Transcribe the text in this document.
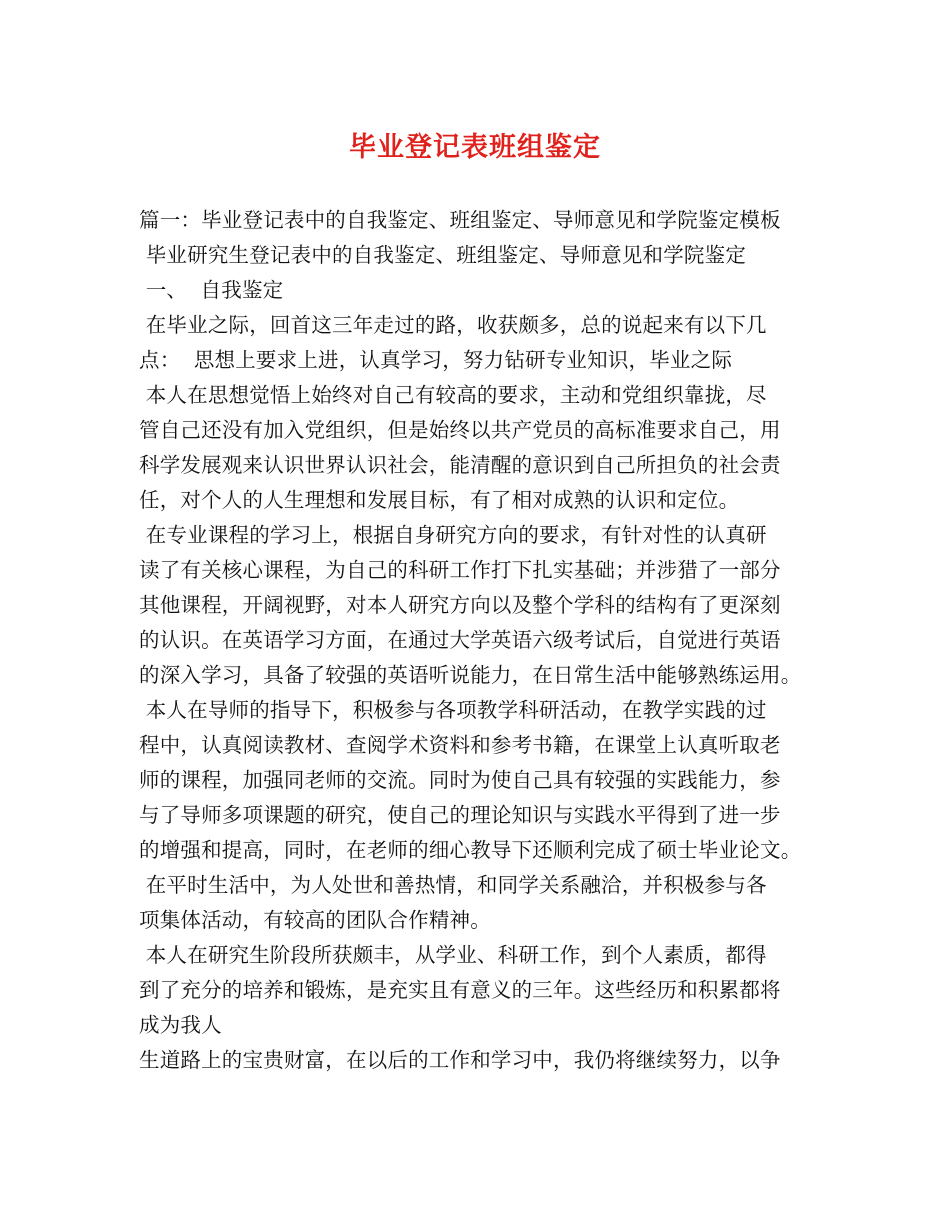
毕业登记表班组鉴定
篇一：毕业登记表中的自我鉴定、班组鉴定、导师意见和学院鉴定模板
毕业研究生登记表中的自我鉴定、班组鉴定、导师意见和学院鉴定
一、  自我鉴定
在毕业之际，回首这三年走过的路，收获颇多，总的说起来有以下几
点：  思想上要求上进，认真学习，努力钻研专业知识，毕业之际
本人在思想觉悟上始终对自己有较高的要求，主动和党组织靠拢，尽
管自己还没有加入党组织，但是始终以共产党员的高标准要求自己，用
科学发展观来认识世界认识社会，能清醒的意识到自己所担负的社会责
任，对个人的人生理想和发展目标，有了相对成熟的认识和定位。
在专业课程的学习上，根据自身研究方向的要求，有针对性的认真研
读了有关核心课程，为自己的科研工作打下扎实基础；并涉猎了一部分
其他课程，开阔视野，对本人研究方向以及整个学科的结构有了更深刻
的认识。在英语学习方面，在通过大学英语六级考试后，自觉进行英语
的深入学习，具备了较强的英语听说能力，在日常生活中能够熟练运用。
本人在导师的指导下，积极参与各项教学科研活动，在教学实践的过
程中，认真阅读教材、查阅学术资料和参考书籍，在课堂上认真听取老
师的课程，加强同老师的交流。同时为使自己具有较强的实践能力，参
与了导师多项课题的研究，使自己的理论知识与实践水平得到了进一步
的增强和提高，同时，在老师的细心教导下还顺利完成了硕士毕业论文。
在平时生活中，为人处世和善热情，和同学关系融洽，并积极参与各
项集体活动，有较高的团队合作精神。
本人在研究生阶段所获颇丰，从学业、科研工作，到个人素质，都得
到了充分的培养和锻炼，是充实且有意义的三年。这些经历和积累都将
成为我人
生道路上的宝贵财富，在以后的工作和学习中，我仍将继续努力，以争
